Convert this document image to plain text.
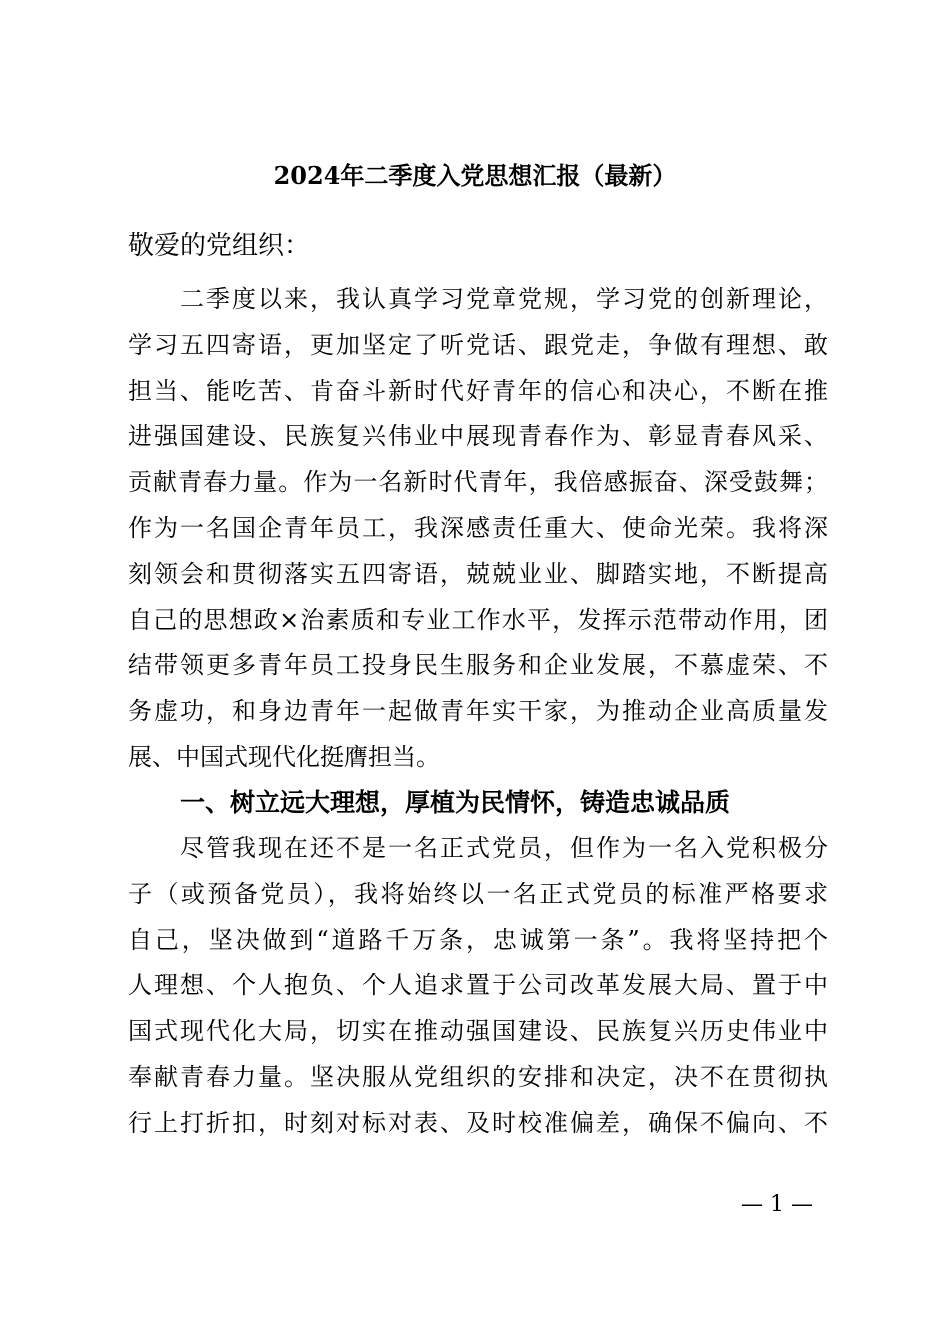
2024年二季度入党思想汇报（最新）
敬爱的党组织：
二季度以来，我认真学习党章党规，学习党的创新理论，
学习五四寄语，更加坚定了听党话、跟党走，争做有理想、敢
担当、能吃苦、肯奋斗新时代好青年的信心和决心，不断在推
进强国建设、民族复兴伟业中展现青春作为、彰显青春风采、
贡献青春力量。作为一名新时代青年，我倍感振奋、深受鼓舞；
作为一名国企青年员工，我深感责任重大、使命光荣。我将深
刻领会和贯彻落实五四寄语，兢兢业业、脚踏实地，不断提高
自己的思想政×治素质和专业工作水平，发挥示范带动作用，团
结带领更多青年员工投身民生服务和企业发展，不慕虚荣、不
务虚功，和身边青年一起做青年实干家，为推动企业高质量发
展、中国式现代化挺膺担当。
一、树立远大理想，厚植为民情怀，铸造忠诚品质
尽管我现在还不是一名正式党员，但作为一名入党积极分
子（或预备党员），我将始终以一名正式党员的标准严格要求
自己，坚决做到“道路千万条，忠诚第一条”。我将坚持把个
人理想、个人抱负、个人追求置于公司改革发展大局、置于中
国式现代化大局，切实在推动强国建设、民族复兴历史伟业中
奉献青春力量。坚决服从党组织的安排和决定，决不在贯彻执
行上打折扣，时刻对标对表、及时校准偏差，确保不偏向、不
— 1 —
